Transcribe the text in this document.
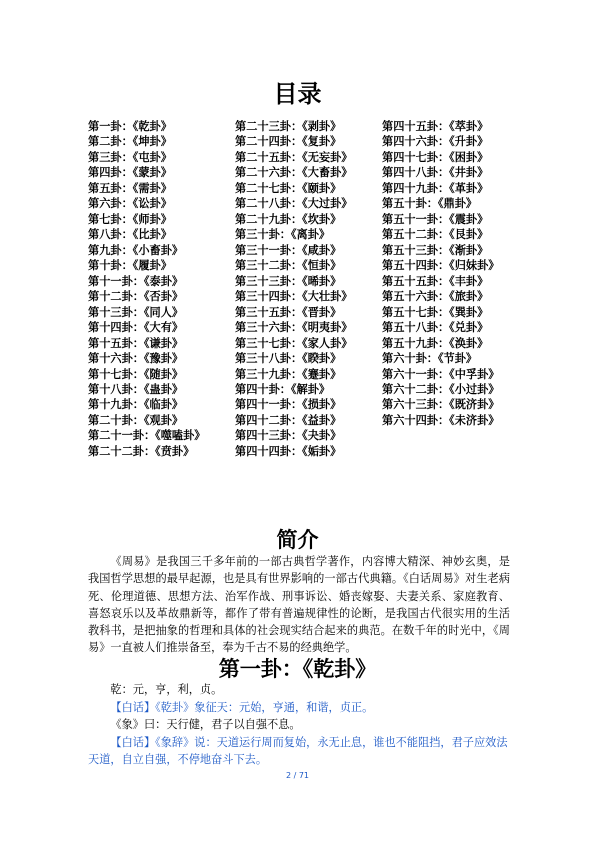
目录
第一卦：《乾卦》
第二卦：《坤卦》
第三卦：《屯卦》
第四卦：《蒙卦》
第五卦：《需卦》
第六卦：《讼卦》
第七卦：《师卦》
第八卦：《比卦》
第九卦：《小畜卦》
第十卦：《履卦》
第十一卦：《泰卦》
第十二卦：《否卦》
第十三卦：《同人》
第十四卦：《大有》
第十五卦：《谦卦》
第十六卦：《豫卦》
第十七卦：《随卦》
第十八卦：《蛊卦》
第十九卦：《临卦》
第二十卦：《观卦》
第二十一卦：《噬嗑卦》
第二十二卦：《贲卦》
第二十三卦：《剥卦》
第二十四卦：《复卦》
第二十五卦：《无妄卦》
第二十六卦：《大畜卦》
第二十七卦：《颐卦》
第二十八卦：《大过卦》
第二十九卦：《坎卦》
第三十卦：《离卦》
第三十一卦：《咸卦》
第三十二卦：《恒卦》
第三十三卦：《晞卦》
第三十四卦：《大壮卦》
第三十五卦：《晋卦》
第三十六卦：《明夷卦》
第三十七卦：《家人卦》
第三十八卦：《睽卦》
第三十九卦：《蹇卦》
第四十卦：《解卦》
第四十一卦：《损卦》
第四十二卦：《益卦》
第四十三卦：《夬卦》
第四十四卦：《姤卦》
第四十五卦：《萃卦》
第四十六卦：《升卦》
第四十七卦：《困卦》
第四十八卦：《井卦》
第四十九卦：《革卦》
第五十卦：《鼎卦》
第五十一卦：《震卦》
第五十二卦：《艮卦》
第五十三卦：《渐卦》
第五十四卦：《归妹卦》
第五十五卦：《丰卦》
第五十六卦：《旅卦》
第五十七卦：《巽卦》
第五十八卦：《兑卦》
第五十九卦：《涣卦》
第六十卦：《节卦》
第六十一卦：《中孚卦》
第六十二卦：《小过卦》
第六十三卦：《既济卦》
第六十四卦：《未济卦》
简介

《周易》是我国三千多年前的一部古典哲学著作，内容博大精深、神妙玄奥，是我国哲学思想的最早起源，也是具有世界影响的一部古代典籍。《白话周易》对生老病死、伦理道德、思想方法、治军作战、刑事诉讼、婚丧嫁娶、夫妻关系、家庭教育、喜怒哀乐以及革故鼎新等，都作了带有普遍规律性的论断，是我国古代很实用的生活教科书，是把抽象的哲理和具体的社会现实结合起来的典范。在数千年的时光中，《周易》一直被人们推崇备至，奉为千古不易的经典绝学。

第一卦：《乾卦》

乾：元，亨，利，贞。

【白话】《乾卦》象征天：元始，亨通，和谐，贞正。

《象》曰：天行健，君子以自强不息。

【白话】《象辞》说：天道运行周而复始，永无止息，谁也不能阻挡，君子应效法天道，自立自强，不停地奋斗下去。

2 / 71
